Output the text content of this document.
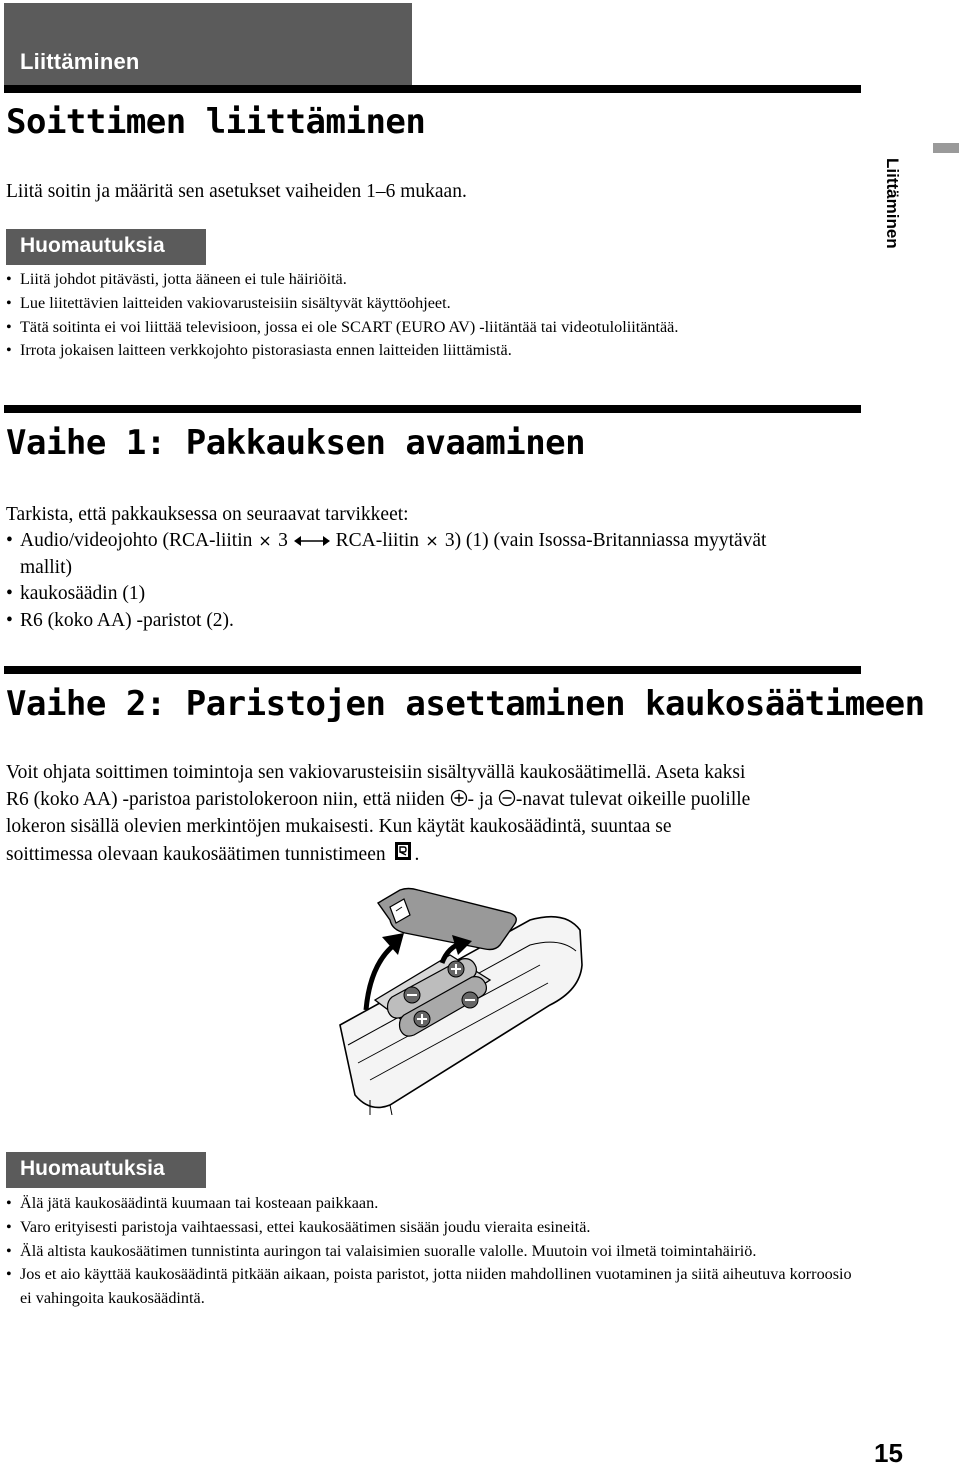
Liittäminen
Liittäminen
Soittimen liittäminen
Liitä soitin ja määritä sen asetukset vaiheiden 1–6 mukaan.
Huomautuksia
• Liitä johdot pitävästi, jotta ääneen ei tule häiriöitä.
• Lue liitettävien laitteiden vakiovarusteisiin sisältyvät käyttöohjeet.
• Tätä soitinta ei voi liittää televisioon, jossa ei ole SCART (EURO AV) -liitäntää tai videotuloliitäntää.
• Irrota jokaisen laitteen verkkojohto pistorasiasta ennen laitteiden liittämistä.
Vaihe 1: Pakkauksen avaaminen
Tarkista, että pakkauksessa on seuraavat tarvikkeet:
• Audio/videojohto (RCA-liitin 3 RCA-liitin 3) (1) (vain Isossa-Britanniassa myytävät
mallit)
• kaukosäädin (1)
• R6 (koko AA) -paristot (2).
Vaihe 2: Paristojen asettaminen kaukosäätimeen
Voit ohjata soittimen toimintoja sen vakiovarusteisiin sisältyvällä kaukosäätimellä. Aseta kaksi
R6 (koko AA) -paristoa paristolokeroon niin, että niiden - ja -navat tulevat oikeille puolille
lokeron sisällä olevien merkintöjen mukaisesti. Kun käytät kaukosäädintä, suuntaa se
soittimessa olevaan kaukosäätimen tunnistimeen .
Huomautuksia
• Älä jätä kaukosäädintä kuumaan tai kosteaan paikkaan.
• Varo erityisesti paristoja vaihtaessasi, ettei kaukosäätimen sisään joudu vieraita esineitä.
• Älä altista kaukosäätimen tunnistinta auringon tai valaisimien suoralle valolle. Muutoin voi ilmetä toimintahäiriö.
• Jos et aio käyttää kaukosäädintä pitkään aikaan, poista paristot, jotta niiden mahdollinen vuotaminen ja siitä aiheutuva korroosio ei vahingoita kaukosäädintä.
15
